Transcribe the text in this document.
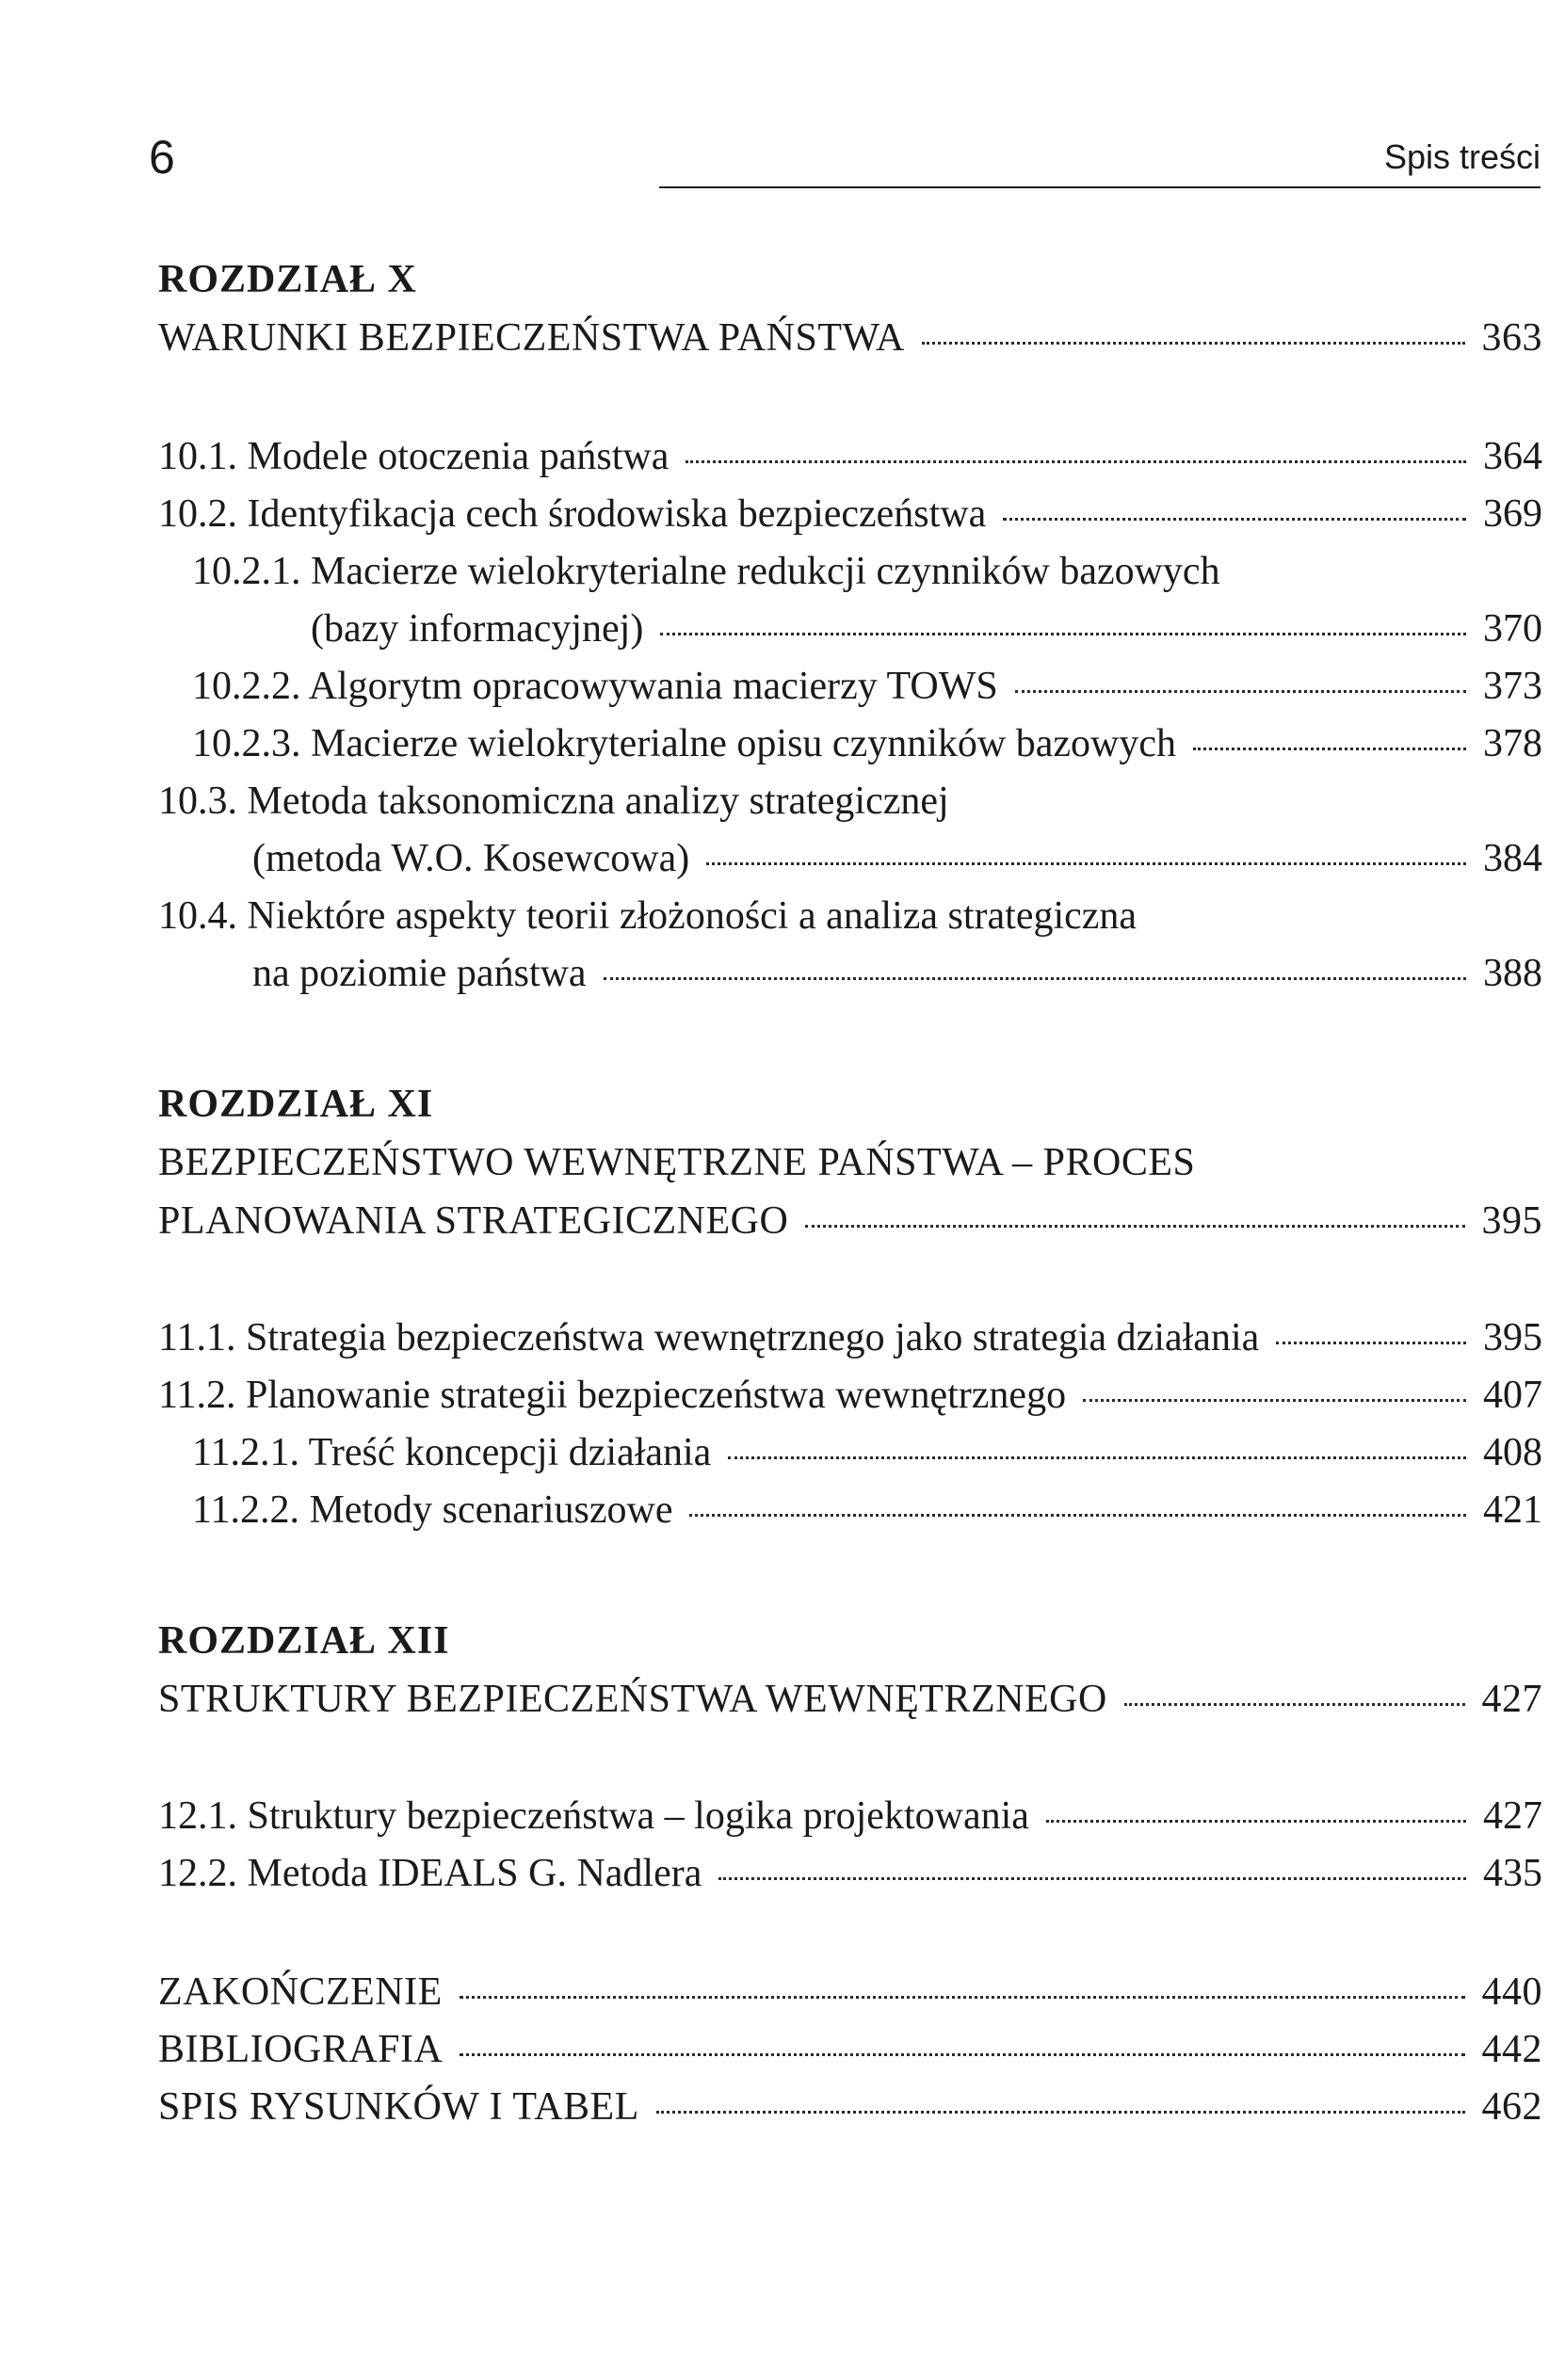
6	Spis treści
ROZDZIAŁ X
WARUNKI BEZPIECZEŃSTWA PAŃSTWA	363
10.1. Modele otoczenia państwa	364
10.2. Identyfikacja cech środowiska bezpieczeństwa	369
10.2.1. Macierze wielokryterialne redukcji czynników bazowych
(bazy informacyjnej)	370
10.2.2. Algorytm opracowywania macierzy TOWS	373
10.2.3. Macierze wielokryterialne opisu czynników bazowych	378
10.3. Metoda taksonomiczna analizy strategicznej
(metoda W.O. Kosewcowa)	384
10.4. Niektóre aspekty teorii złożoności a analiza strategiczna
na poziomie państwa	388
ROZDZIAŁ XI
BEZPIECZEŃSTWO WEWNĘTRZNE PAŃSTWA – PROCES
PLANOWANIA STRATEGICZNEGO	395
11.1. Strategia bezpieczeństwa wewnętrznego jako strategia działania	395
11.2. Planowanie strategii bezpieczeństwa wewnętrznego	407
11.2.1. Treść koncepcji działania	408
11.2.2. Metody scenariuszowe	421
ROZDZIAŁ XII
STRUKTURY BEZPIECZEŃSTWA WEWNĘTRZNEGO	427
12.1. Struktury bezpieczeństwa – logika projektowania	427
12.2. Metoda IDEALS G. Nadlera	435
ZAKOŃCZENIE	440
BIBLIOGRAFIA	442
SPIS RYSUNKÓW I TABEL	462
